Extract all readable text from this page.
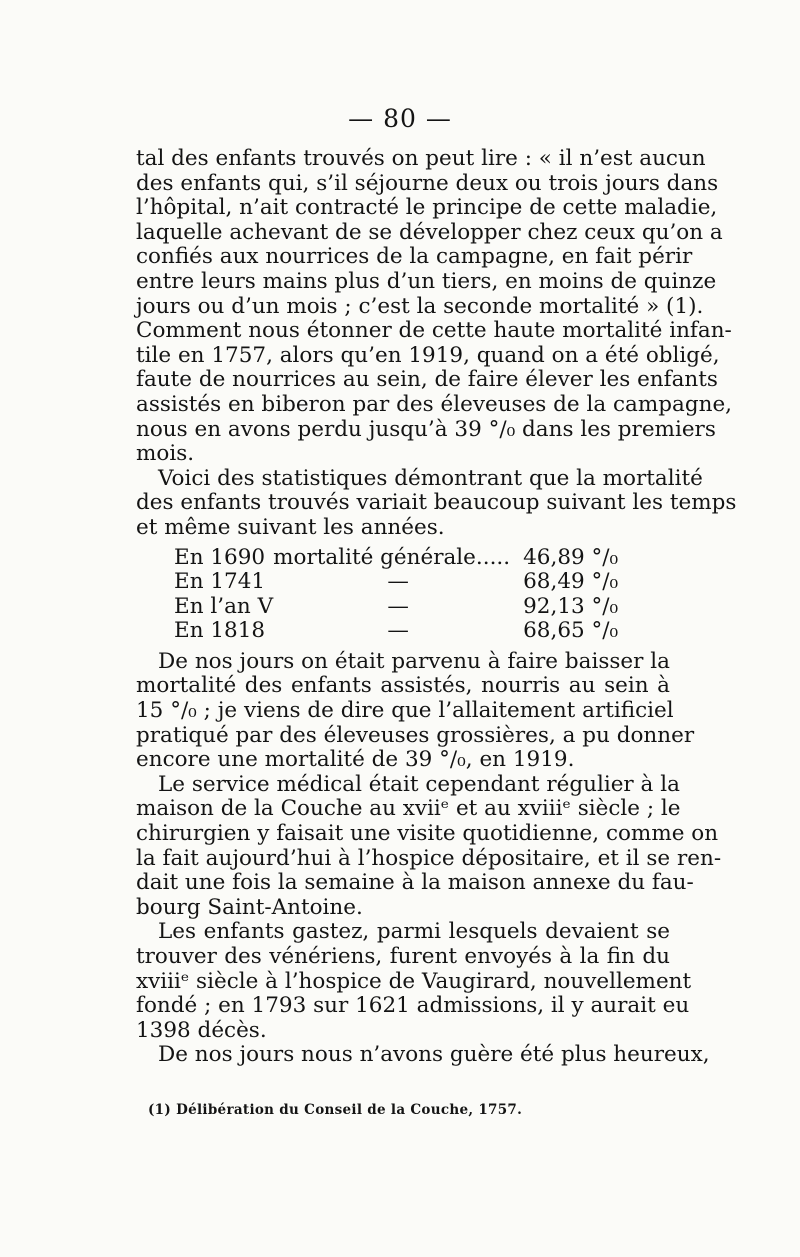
— 80 —
tal des enfants trouvés on peut lire : « il n’est aucun
des enfants qui, s’il séjourne deux ou trois jours dans
l’hôpital, n’ait contracté le principe de cette maladie,
laquelle achevant de se développer chez ceux qu’on a
confiés aux nourrices de la campagne, en fait périr
entre leurs mains plus d’un tiers, en moins de quinze
jours ou d’un mois ; c’est la seconde mortalité » (1).
Comment nous étonner de cette haute mortalité infan-
tile en 1757, alors qu’en 1919, quand on a été obligé,
faute de nourrices au sein, de faire élever les enfants
assistés en biberon par des éleveuses de la campagne,
nous en avons perdu jusqu’à 39 °/₀ dans les premiers
mois.
Voici des statistiques démontrant que la mortalité
des enfants trouvés variait beaucoup suivant les temps
et même suivant les années.
En 1690	mortalité générale.....	46,89 °/₀
En 1741	—	68,49 °/₀
En l’an V	—	92,13 °/₀
En 1818	—	68,65 °/₀
De nos jours on était parvenu à faire baisser la
mortalité des enfants assistés, nourris au sein à
15 °/₀ ; je viens de dire que l’allaitement artificiel
pratiqué par des éleveuses grossières, a pu donner
encore une mortalité de 39 °/₀, en 1919.
Le service médical était cependant régulier à la
maison de la Couche au xviiᵉ et au xviiiᵉ siècle ; le
chirurgien y faisait une visite quotidienne, comme on
la fait aujourd’hui à l’hospice dépositaire, et il se ren-
dait une fois la semaine à la maison annexe du fau-
bourg Saint-Antoine.
Les enfants gastez, parmi lesquels devaient se
trouver des vénériens, furent envoyés à la fin du
xviiiᵉ siècle à l’hospice de Vaugirard, nouvellement
fondé ; en 1793 sur 1621 admissions, il y aurait eu
1398 décès.
De nos jours nous n’avons guère été plus heureux,
(1) Délibération du Conseil de la Couche, 1757.
